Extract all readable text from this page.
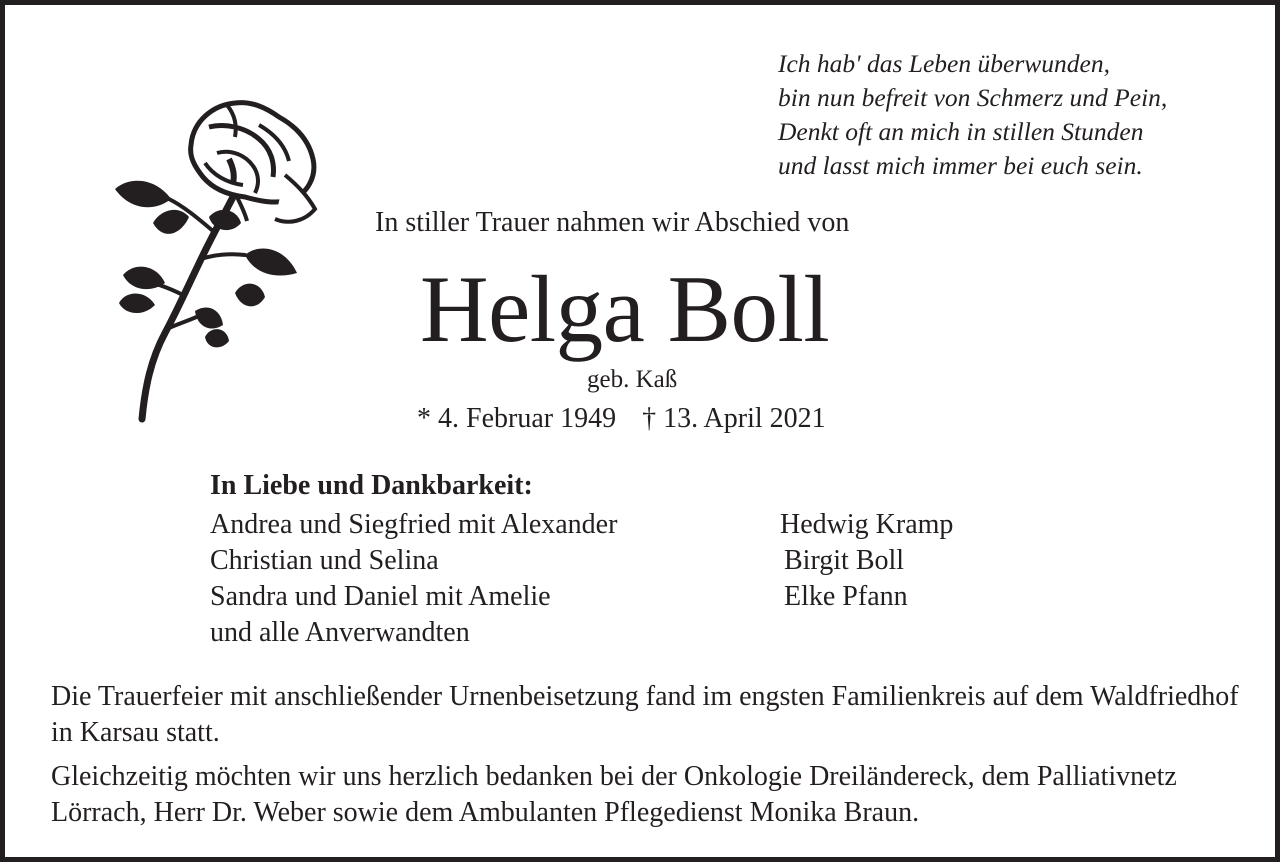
Ich hab' das Leben überwunden,
bin nun befreit von Schmerz und Pein,
Denkt oft an mich in stillen Stunden
und lasst mich immer bei euch sein.
In stiller Trauer nahmen wir Abschied von
Helga Boll
geb. Kaß
* 4. Februar 1949 † 13. April 2021
In Liebe und Dankbarkeit:
Andrea und Siegfried mit Alexander
Christian und Selina
Sandra und Daniel mit Amelie
und alle Anverwandten
Hedwig Kramp
Birgit Boll
Elke Pfann
Die Trauerfeier mit anschließender Urnenbeisetzung fand im engsten Familienkreis auf dem Waldfriedhof in Karsau statt.
Gleichzeitig möchten wir uns herzlich bedanken bei der Onkologie Dreiländereck, dem Palliativnetz Lörrach, Herr Dr. Weber sowie dem Ambulanten Pflegedienst Monika Braun.
